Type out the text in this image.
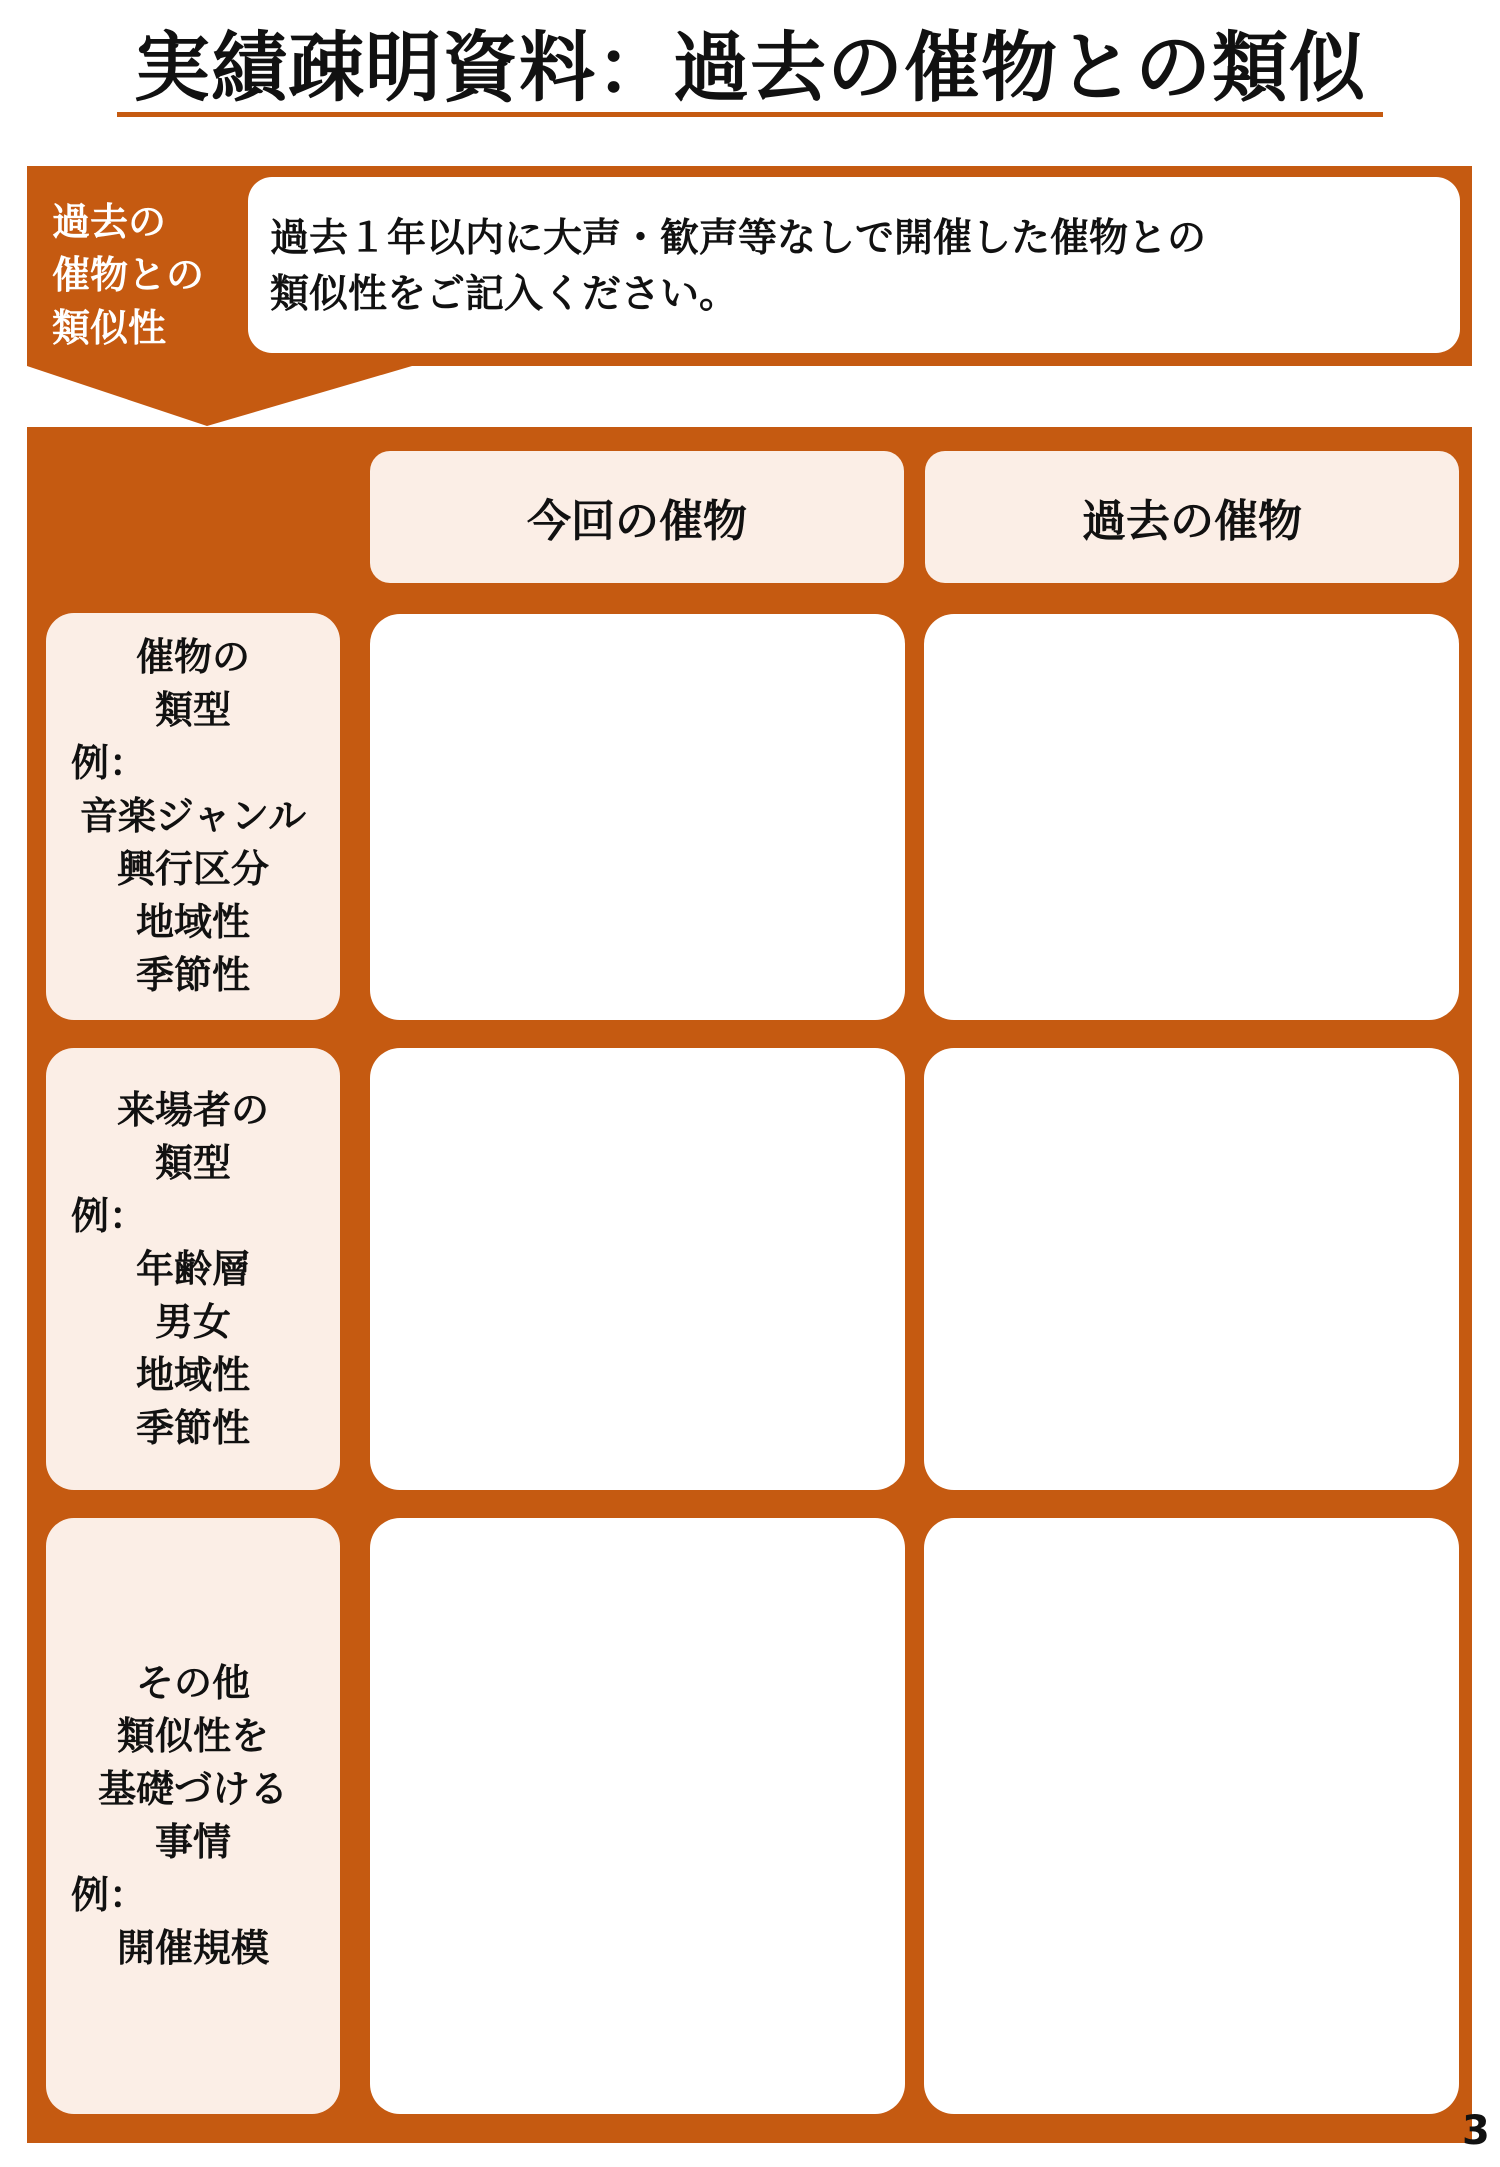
実績疎明資料：過去の催物との類似
過去の
催物との
類似性
過去１年以内に大声・歓声等なしで開催した催物との
類似性をご記入ください。
今回の催物	過去の催物
催物の
類型
例：
音楽ジャンル
興行区分
地域性
季節性
来場者の
類型
例：
年齢層
男女
地域性
季節性
その他
類似性を
基礎づける
事情
例：
開催規模
3
